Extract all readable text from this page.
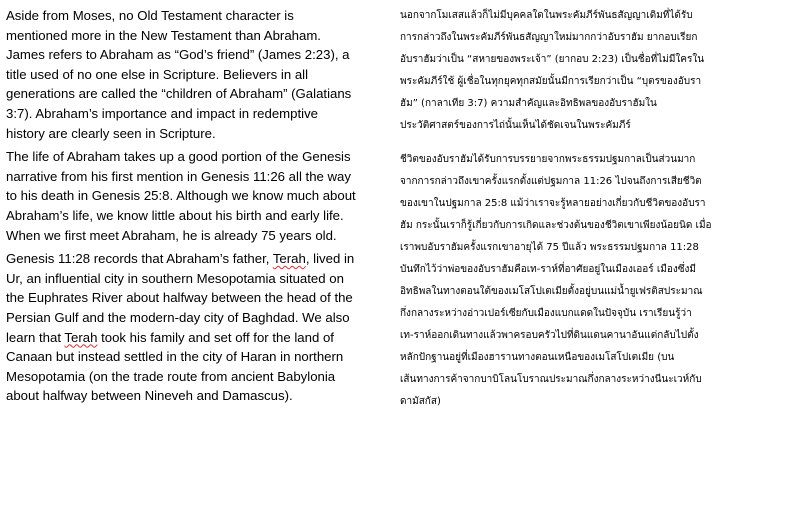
Aside from Moses, no Old Testament character is
mentioned more in the New Testament than Abraham.
James refers to Abraham as “God’s friend” (James 2:23), a
title used of no one else in Scripture. Believers in all
generations are called the “children of Abraham” (Galatians
3:7). Abraham’s importance and impact in redemptive
history are clearly seen in Scripture.

The life of Abraham takes up a good portion of the Genesis
narrative from his first mention in Genesis 11:26 all the way
to his death in Genesis 25:8. Although we know much about
Abraham’s life, we know little about his birth and early life.
When we first meet Abraham, he is already 75 years old.

Genesis 11:28 records that Abraham’s father, Terah, lived in
Ur, an influential city in southern Mesopotamia situated on
the Euphrates River about halfway between the head of the
Persian Gulf and the modern-day city of Baghdad. We also
learn that Terah took his family and set off for the land of
Canaan but instead settled in the city of Haran in northern
Mesopotamia (on the trade route from ancient Babylonia
about halfway between Nineveh and Damascus).

นอกจากโมเสสแล้วก็ไม่มีบุคคลใดในพระคัมภีร์พันธสัญญาเดิมที่ได้รับ
การกล่าวถึงในพระคัมภีร์พันธสัญญาใหม่มากกว่าอับราฮัม ยากอบเรียก
อับราฮัมว่าเป็น “สหายของพระเจ้า” (ยากอบ 2:23) เป็นชื่อที่ไม่มีใครใน
พระคัมภีร์ใช้ ผู้เชื่อในทุกยุคทุกสมัยนั้นมีการเรียกว่าเป็น “บุตรของอับรา
ฮัม” (กาลาเทีย 3:7) ความสำคัญและอิทธิพลของอับราฮัมใน
ประวัติศาสตร์ของการไถ่นั้นเห็นได้ชัดเจนในพระคัมภีร์

ชีวิตของอับราฮัมได้รับการบรรยายจากพระธรรมปฐมกาลเป็นส่วนมาก
จากการกล่าวถึงเขาครั้งแรกตั้งแต่ปฐมกาล 11:26 ไปจนถึงการเสียชีวิต
ของเขาในปฐมกาล 25:8 แม้ว่าเราจะรู้หลายอย่างเกี่ยวกับชีวิตของอับรา
ฮัม กระนั้นเราก็รู้เกี่ยวกับการเกิดและช่วงต้นของชีวิตเขาเพียงน้อยนิด เมื่อ
เราพบอับราฮัมครั้งแรกเขาอายุได้ 75 ปีแล้ว พระธรรมปฐมกาล 11:28
บันทึกไว้ว่าพ่อของอับราฮัมคือเท-ราห์ที่อาศัยอยู่ในเมืองเออร์ เมืองซึ่งมี
อิทธิพลในทางตอนใต้ของเมโสโปเตเมียตั้งอยู่บนแม่น้ำยูเฟรติสประมาณ
กึ่งกลางระหว่างอ่าวเปอร์เซียกับเมืองแบกแดดในปัจจุบัน เราเรียนรู้ว่า
เท-ราห์ออกเดินทางแล้วพาครอบครัวไปที่ดินแดนคานาอันแต่กลับไปตั้ง
หลักปักฐานอยู่ที่เมืองฮารานทางตอนเหนือของเมโสโปเตเมีย (บน
เส้นทางการค้าจากบาบิโลนโบราณประมาณกึ่งกลางระหว่างนีนะเวห์กับ
ดามัสกัส)
